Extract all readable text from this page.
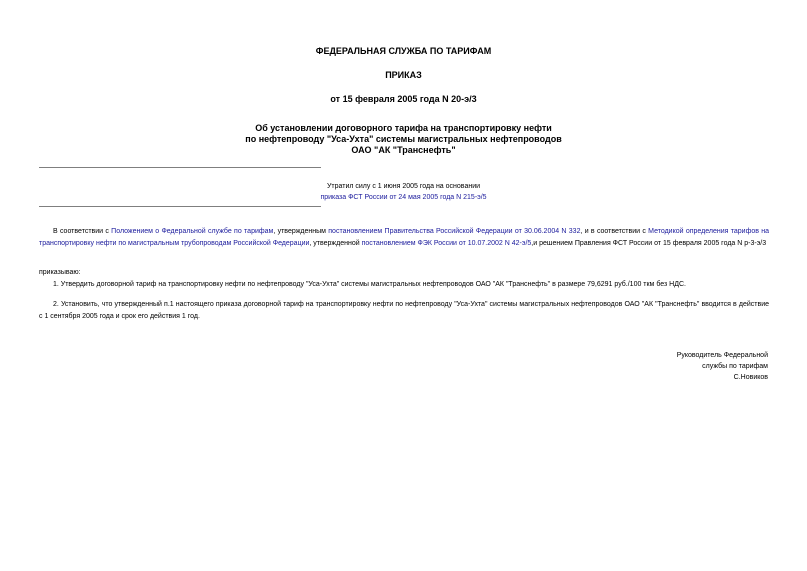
ФЕДЕРАЛЬНАЯ СЛУЖБА ПО ТАРИФАМ
ПРИКАЗ
от 15 февраля 2005 года N 20-э/3
Об установлении договорного тарифа на транспортировку нефти
по нефтепроводу "Уса-Ухта" системы магистральных нефтепроводов
ОАО "АК "Транснефть"
Утратил силу с 1 июня 2005 года на основании
приказа ФСТ России от 24 мая 2005 года N 215-э/5
В соответствии с Положением о Федеральной службе по тарифам, утвержденным постановлением Правительства Российской Федерации от 30.06.2004 N 332, и в соответствии с Методикой определения тарифов на транспортировку нефти по магистральным трубопроводам Российской Федерации, утвержденной постановлением ФЭК России от 10.07.2002 N 42-э/5,и решением Правления ФСТ России от 15 февраля 2005 года N р-3-э/3
приказываю:
1. Утвердить договорной тариф на транспортировку нефти по нефтепроводу "Уса-Ухта" системы магистральных нефтепроводов ОАО "АК "Транснефть" в размере 79,6291 руб./100 ткм без НДС.
2. Установить, что утвержденный п.1 настоящего приказа договорной тариф на транспортировку нефти по нефтепроводу "Уса-Ухта" системы магистральных нефтепроводов ОАО "АК "Транснефть" вводится в действие с 1 сентября 2005 года и срок его действия 1 год.
Руководитель Федеральной
службы по тарифам
С.Новиков
